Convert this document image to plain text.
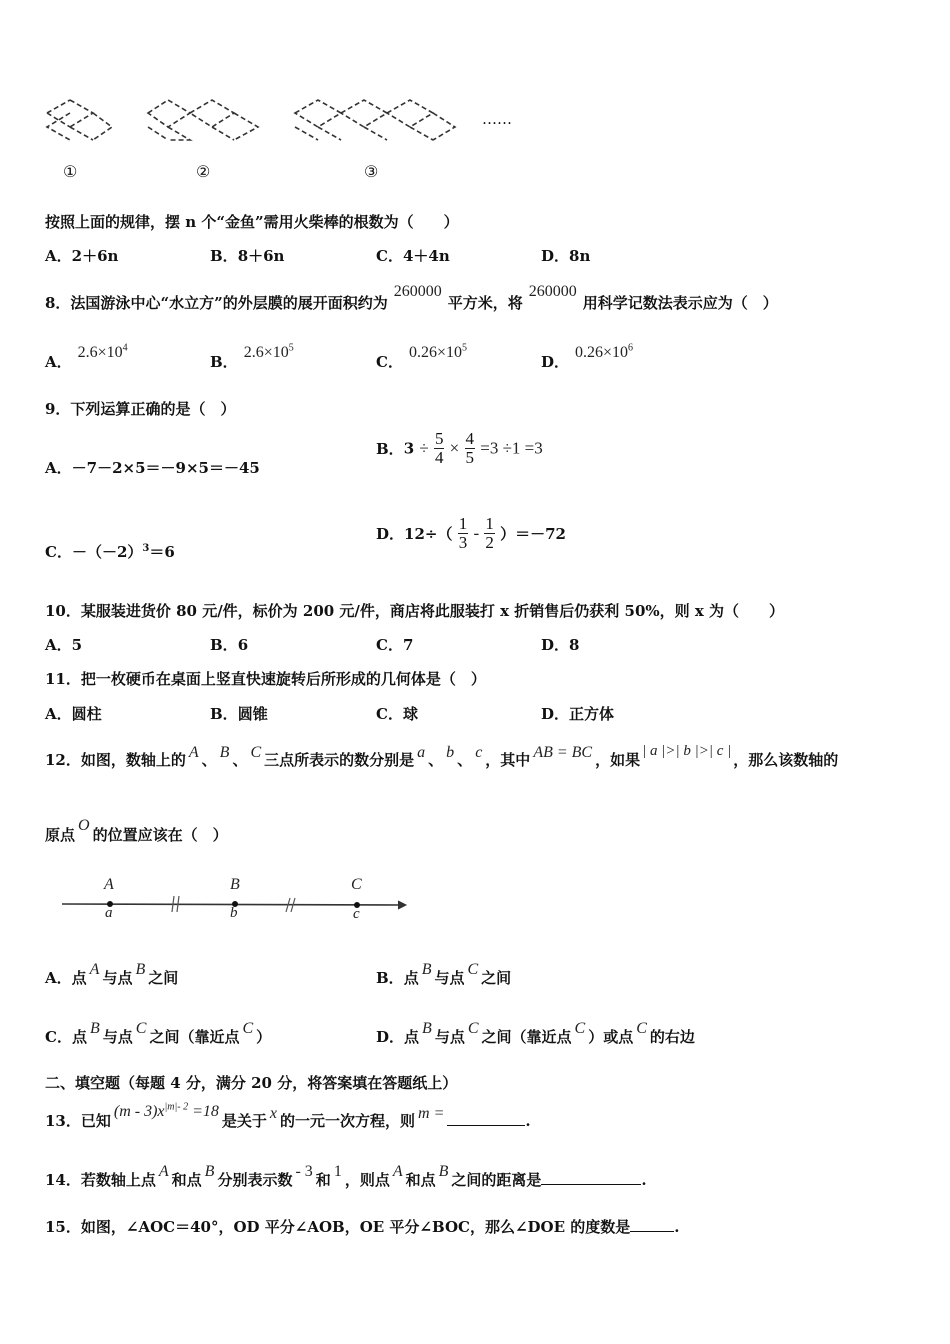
……
①	②	③
按照上面的规律，摆 n 个“金鱼”需用火柴棒的根数为（　　）
A．2＋6n	B．8＋6n	C．4＋4n	D．8n
8．法国游泳中心“水立方”的外层膜的展开面积约为260000平方米，将260000用科学记数法表示应为（　）
A．$2.6\times 10^4$
B．$2.6\times 10^5$
C．$0.26\times 10^5$
D．$0.26\times 10^6$
9．下列运算正确的是（　）
A．－7－2×5＝－9×5＝－45
B．$3 \div \frac{5}{4} \times \frac{4}{5} =3 \div 1 =3$
C．$-(-2)^3=6$
D．$12\div( \frac{1}{3} - \frac{1}{2} )=-72$
10．某服装进货价 80 元/件，标价为 200 元/件，商店将此服装打 x 折销售后仍获利 50%，则 x 为（　　）
A．5	B．6	C．7	D．8
11．把一枚硬币在桌面上竖直快速旋转后所形成的几何体是（　）
A．圆柱	B．圆锥	C．球	D．正方体
12．如图，数轴上的 A 、 B 、 C 三点所表示的数分别是 a 、 b 、 c ，其中 AB = BC ，如果 | a |>| b |>| c | ，那么该数轴的
原点O的位置应该在（　）
A	B	C
a	b	c
A．点 A 与点 B 之间	B．点 B 与点 C 之间
C．点 B 与点 C 之间（靠近点 C ）	D．点 B 与点 C 之间（靠近点 C ）或点 C 的右边
二、填空题（每题 4 分，满分 20 分，将答案填在答题纸上）
13．已知$(m - 3)x^{|m|- 2} =18$是关于 x 的一元一次方程，则 m =	.
14．若数轴上点 A 和点 B 分别表示数 - 3 和 1 ，则点 A 和点 B 之间的距离是	.
15．如图，∠AOC＝40°，OD 平分∠AOB，OE 平分∠BOC，那么∠DOE 的度数是	.
